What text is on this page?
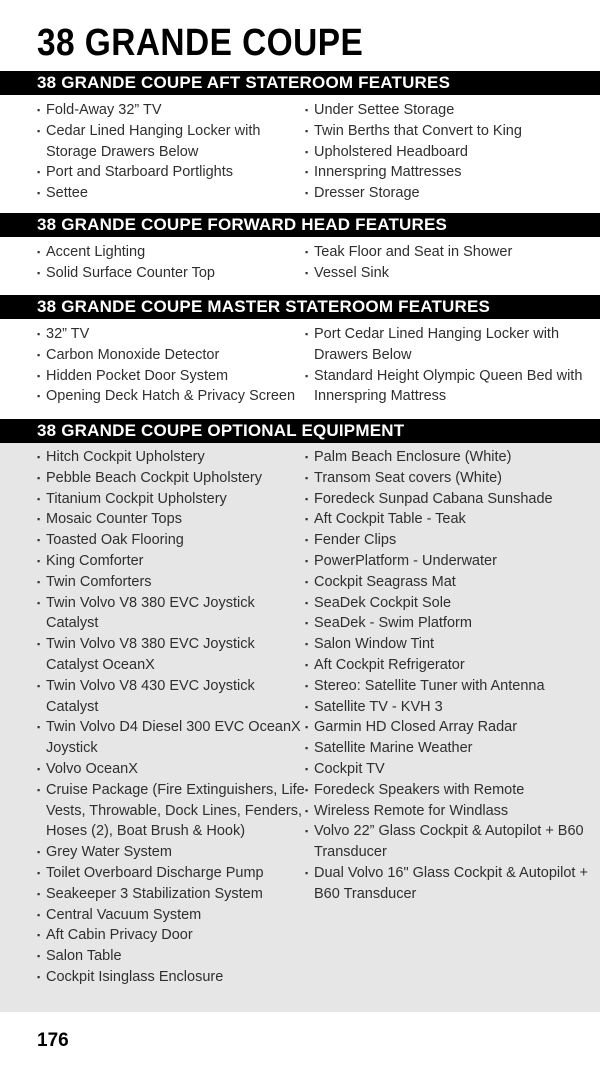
38 GRANDE COUPE
38 GRANDE COUPE AFT STATEROOM FEATURES
▪ Fold-Away 32” TV
▪ Cedar Lined Hanging Locker with Storage Drawers Below
▪ Port and Starboard Portlights
▪ Settee
▪ Under Settee Storage
▪ Twin Berths that Convert to King
▪ Upholstered Headboard
▪ Innerspring Mattresses
▪ Dresser Storage
38 GRANDE COUPE FORWARD HEAD FEATURES
▪ Accent Lighting
▪ Solid Surface Counter Top
▪ Teak Floor and Seat in Shower
▪ Vessel Sink
38 GRANDE COUPE MASTER STATEROOM FEATURES
▪ 32” TV
▪ Carbon Monoxide Detector
▪ Hidden Pocket Door System
▪ Opening Deck Hatch & Privacy Screen
▪ Port Cedar Lined Hanging Locker with Drawers Below
▪ Standard Height Olympic Queen Bed with Innerspring Mattress
38 GRANDE COUPE OPTIONAL EQUIPMENT
▪ Hitch Cockpit Upholstery
▪ Pebble Beach Cockpit Upholstery
▪ Titanium Cockpit Upholstery
▪ Mosaic Counter Tops
▪ Toasted Oak Flooring
▪ King Comforter
▪ Twin Comforters
▪ Twin Volvo V8 380 EVC Joystick Catalyst
▪ Twin Volvo V8 380 EVC Joystick Catalyst OceanX
▪ Twin Volvo V8 430 EVC Joystick Catalyst
▪ Twin Volvo D4 Diesel 300 EVC OceanX Joystick
▪ Volvo OceanX
▪ Cruise Package (Fire Extinguishers, Life Vests, Throwable, Dock Lines, Fenders, Hoses (2), Boat Brush & Hook)
▪ Grey Water System
▪ Toilet Overboard Discharge Pump
▪ Seakeeper 3 Stabilization System
▪ Central Vacuum System
▪ Aft Cabin Privacy Door
▪ Salon Table
▪ Cockpit Isinglass Enclosure
▪ Palm Beach Enclosure (White)
▪ Transom Seat covers (White)
▪ Foredeck Sunpad Cabana Sunshade
▪ Aft Cockpit Table - Teak
▪ Fender Clips
▪ PowerPlatform - Underwater
▪ Cockpit Seagrass Mat
▪ SeaDek Cockpit Sole
▪ SeaDek - Swim Platform
▪ Salon Window Tint
▪ Aft Cockpit Refrigerator
▪ Stereo: Satellite Tuner with Antenna
▪ Satellite TV - KVH 3
▪ Garmin HD Closed Array Radar
▪ Satellite Marine Weather
▪ Cockpit TV
▪ Foredeck Speakers with Remote
▪ Wireless Remote for Windlass
▪ Volvo 22” Glass Cockpit & Autopilot + B60 Transducer
▪ Dual Volvo 16" Glass Cockpit & Autopilot + B60 Transducer
176
